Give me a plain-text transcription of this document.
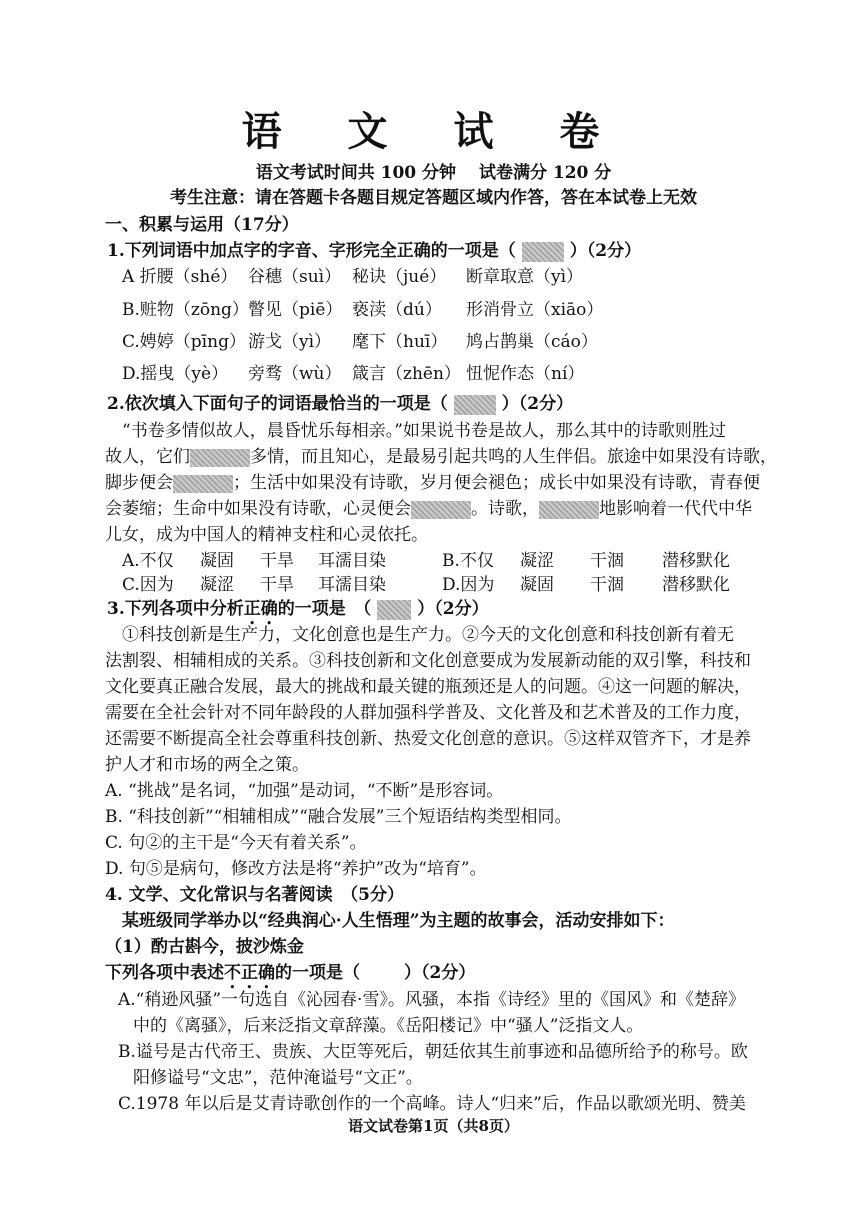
语 文 试 卷
语文考试时间共 100 分钟　 试卷满分 120 分
考生注意：请在答题卡各题目规定答题区域内作答，答在本试卷上无效
一、积累与运用（17分）
1.下列词语中加点字的字音、字形完全正确的一项是（	）（2分）
A 折腰（shé） 谷穗（suì） 秘诀（jué） 断章取意（yì）
B.赃物（zōng） 瞥见（piē） 亵渎（dú） 形消骨立（xiāo）
C.娉婷（pīng） 游戈（yì） 麾下（huī） 鸠占鹊巢（cáo）
D.摇曳（yè） 旁骛（wù） 箴言（zhēn） 忸怩作态（ní）
2.依次填入下面句子的词语最恰当的一项是（	）（2分）
“书卷多情似故人，晨昏忧乐每相亲。”如果说书卷是故人，那么其中的诗歌则胜过
故人，它们	多情，而且知心，是最易引起共鸣的人生伴侣。旅途中如果没有诗歌，
脚步便会	；生活中如果没有诗歌，岁月便会褪色；成长中如果没有诗歌，青春便
会萎缩；生命中如果没有诗歌，心灵便会	。诗歌，	地影响着一代代中华
儿女，成为中国人的精神支柱和心灵依托。
A.不仅 凝固 干旱 耳濡目染	B.不仅 凝涩 干涸 潜移默化
C.因为 凝涩 干旱 耳濡目染	D.因为 凝固 干涸 潜移默化
3.下列各项中分析正确的一项是　（	）（2分）
①科技创新是生产力，文化创意也是生产力。②今天的文化创意和科技创新有着无
法割裂、相辅相成的关系。③科技创新和文化创意要成为发展新动能的双引擎，科技和
文化要真正融合发展，最大的挑战和最关键的瓶颈还是人的问题。④这一问题的解决，
需要在全社会针对不同年龄段的人群加强科学普及、文化普及和艺术普及的工作力度，
还需要不断提高全社会尊重科技创新、热爱文化创意的意识。⑤这样双管齐下，才是养
护人才和市场的两全之策。
A. “挑战”是名词，“加强”是动词，“不断”是形容词。
B. “科技创新”“相辅相成”“融合发展”三个短语结构类型相同。
C. 句②的主干是“今天有着关系”。
D. 句⑤是病句，修改方法是将“养护”改为“培育”。
4. 文学、文化常识与名著阅读　（5分）
某班级同学举办以“经典润心·人生悟理”为主题的故事会，活动安排如下：
（1）酌古斟今，披沙炼金
下列各项中表述不正确的一项是（	）（2分）
A.“稍逊风骚”一句选自《沁园春·雪》。风骚，本指《诗经》里的《国风》和《楚辞》
中的《离骚》，后来泛指文章辞藻。《岳阳楼记》中“骚人”泛指文人。
B.谥号是古代帝王、贵族、大臣等死后，朝廷依其生前事迹和品德所给予的称号。欧
阳修谥号“文忠”，范仲淹谥号“文正”。
C.1978 年以后是艾青诗歌创作的一个高峰。诗人“归来”后，作品以歌颂光明、赞美
语文试卷第1页（共8页）
